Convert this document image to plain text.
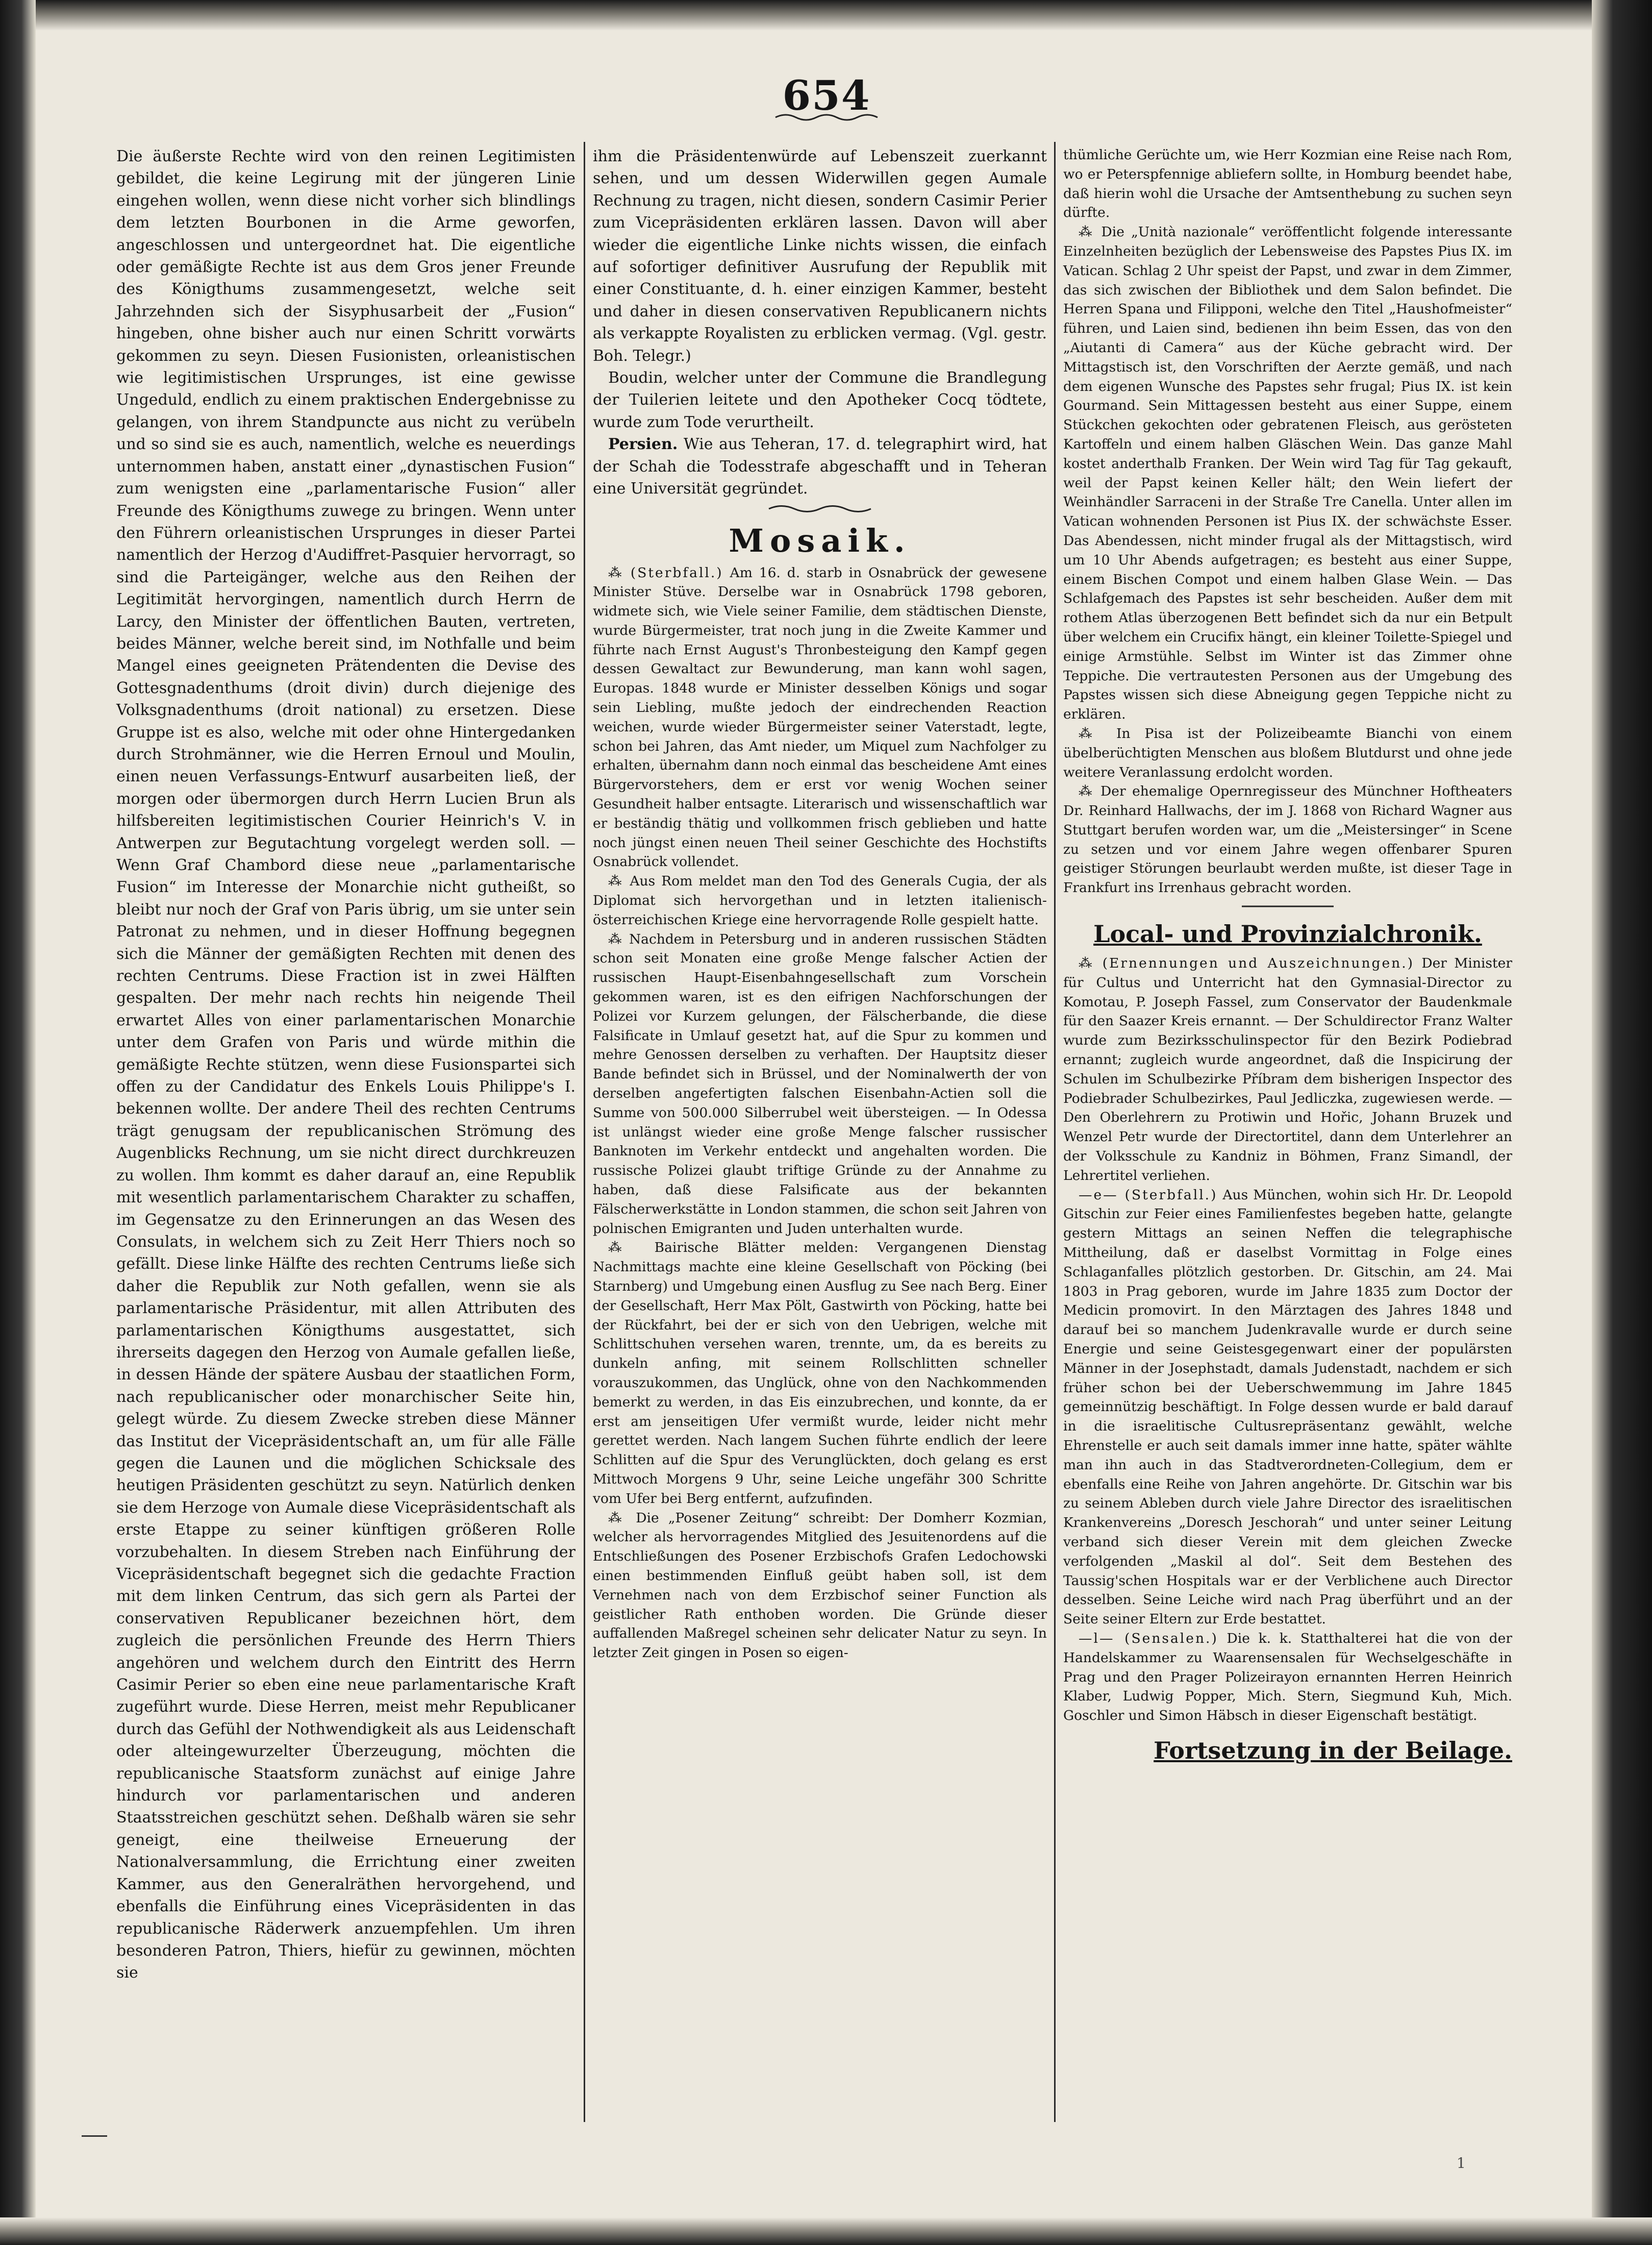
654

Die äußerste Rechte wird von den reinen Legitimisten gebildet, die keine Legirung mit der jüngeren Linie eingehen wollen, wenn diese nicht vorher sich blindlings dem letzten Bourbonen in die Arme geworfen, angeschlossen und untergeordnet hat. Die eigentliche oder gemäßigte Rechte ist aus dem Gros jener Freunde des Königthums zusammengesetzt, welche seit Jahrzehnden sich der Sisyphusarbeit der „Fusion“ hingeben, ohne bisher auch nur einen Schritt vorwärts gekommen zu seyn. Diesen Fusionisten, orleanistischen wie legitimistischen Ursprunges, ist eine gewisse Ungeduld, endlich zu einem praktischen Endergebnisse zu gelangen, von ihrem Standpuncte aus nicht zu verübeln und so sind sie es auch, namentlich, welche es neuerdings unternommen haben, anstatt einer „dynastischen Fusion“ zum wenigsten eine „parlamentarische Fusion“ aller Freunde des Königthums zuwege zu bringen. Wenn unter den Führern orleanistischen Ursprunges in dieser Partei namentlich der Herzog d'Audiffret-Pasquier hervorragt, so sind die Parteigänger, welche aus den Reihen der Legitimität hervorgingen, namentlich durch Herrn de Larcy, den Minister der öffentlichen Bauten, vertreten, beides Männer, welche bereit sind, im Nothfalle und beim Mangel eines geeigneten Prätendenten die Devise des Gottesgnadenthums (droit divin) durch diejenige des Volksgnadenthums (droit national) zu ersetzen. Diese Gruppe ist es also, welche mit oder ohne Hintergedanken durch Strohmänner, wie die Herren Ernoul und Moulin, einen neuen Verfassungs-Entwurf ausarbeiten ließ, der morgen oder übermorgen durch Herrn Lucien Brun als hilfsbereiten legitimistischen Courier Heinrich's V. in Antwerpen zur Begutachtung vorgelegt werden soll. — Wenn Graf Chambord diese neue „parlamentarische Fusion“ im Interesse der Monarchie nicht gutheißt, so bleibt nur noch der Graf von Paris übrig, um sie unter sein Patronat zu nehmen, und in dieser Hoffnung begegnen sich die Männer der gemäßigten Rechten mit denen des rechten Centrums. Diese Fraction ist in zwei Hälften gespalten. Der mehr nach rechts hin neigende Theil erwartet Alles von einer parlamentarischen Monarchie unter dem Grafen von Paris und würde mithin die gemäßigte Rechte stützen, wenn diese Fusionspartei sich offen zu der Candidatur des Enkels Louis Philippe's I. bekennen wollte. Der andere Theil des rechten Centrums trägt genugsam der republicanischen Strömung des Augenblicks Rechnung, um sie nicht direct durchkreuzen zu wollen. Ihm kommt es daher darauf an, eine Republik mit wesentlich parlamentarischem Charakter zu schaffen, im Gegensatze zu den Erinnerungen an das Wesen des Consulats, in welchem sich zu Zeit Herr Thiers noch so gefällt. Diese linke Hälfte des rechten Centrums ließe sich daher die Republik zur Noth gefallen, wenn sie als parlamentarische Präsidentur, mit allen Attributen des parlamentarischen Königthums ausgestattet, sich ihrerseits dagegen den Herzog von Aumale gefallen ließe, in dessen Hände der spätere Ausbau der staatlichen Form, nach republicanischer oder monarchischer Seite hin, gelegt würde. Zu diesem Zwecke streben diese Männer das Institut der Vicepräsidentschaft an, um für alle Fälle gegen die Launen und die möglichen Schicksale des heutigen Präsidenten geschützt zu seyn. Natürlich denken sie dem Herzoge von Aumale diese Vicepräsidentschaft als erste Etappe zu seiner künftigen größeren Rolle vorzubehalten. In diesem Streben nach Einführung der Vicepräsidentschaft begegnet sich die gedachte Fraction mit dem linken Centrum, das sich gern als Partei der conservativen Republicaner bezeichnen hört, dem zugleich die persönlichen Freunde des Herrn Thiers angehören und welchem durch den Eintritt des Herrn Casimir Perier so eben eine neue parlamentarische Kraft zugeführt wurde. Diese Herren, meist mehr Republicaner durch das Gefühl der Nothwendigkeit als aus Leidenschaft oder alteingewurzelter Überzeugung, möchten die republicanische Staatsform zunächst auf einige Jahre hindurch vor parlamentarischen und anderen Staatsstreichen geschützt sehen. Deßhalb wären sie sehr geneigt, eine theilweise Erneuerung der Nationalversammlung, die Errichtung einer zweiten Kammer, aus den Generalräthen hervorgehend, und ebenfalls die Einführung eines Vicepräsidenten in das republicanische Räderwerk anzuempfehlen. Um ihren besonderen Patron, Thiers, hiefür zu gewinnen, möchten sie

ihm die Präsidentenwürde auf Lebenszeit zuerkannt sehen, und um dessen Widerwillen gegen Aumale Rechnung zu tragen, nicht diesen, sondern Casimir Perier zum Vicepräsidenten erklären lassen. Davon will aber wieder die eigentliche Linke nichts wissen, die einfach auf sofortiger definitiver Ausrufung der Republik mit einer Constituante, d. h. einer einzigen Kammer, besteht und daher in diesen conservativen Republicanern nichts als verkappte Royalisten zu erblicken vermag. (Vgl. gestr. Boh. Telegr.)

Boudin, welcher unter der Commune die Brandlegung der Tuilerien leitete und den Apotheker Cocq tödtete, wurde zum Tode verurtheilt.

Persien. Wie aus Teheran, 17. d. telegraphirt wird, hat der Schah die Todesstrafe abgeschafft und in Teheran eine Universität gegründet.

Mosaik.

⁂ (Sterbfall.) Am 16. d. starb in Osnabrück der gewesene Minister Stüve. Derselbe war in Osnabrück 1798 geboren, widmete sich, wie Viele seiner Familie, dem städtischen Dienste, wurde Bürgermeister, trat noch jung in die Zweite Kammer und führte nach Ernst August's Thronbesteigung den Kampf gegen dessen Gewaltact zur Bewunderung, man kann wohl sagen, Europas. 1848 wurde er Minister desselben Königs und sogar sein Liebling, mußte jedoch der eindrechenden Reaction weichen, wurde wieder Bürgermeister seiner Vaterstadt, legte, schon bei Jahren, das Amt nieder, um Miquel zum Nachfolger zu erhalten, übernahm dann noch einmal das bescheidene Amt eines Bürgervorstehers, dem er erst vor wenig Wochen seiner Gesundheit halber entsagte. Literarisch und wissenschaftlich war er beständig thätig und vollkommen frisch geblieben und hatte noch jüngst einen neuen Theil seiner Geschichte des Hochstifts Osnabrück vollendet.

⁂ Aus Rom meldet man den Tod des Generals Cugia, der als Diplomat sich hervorgethan und in letzten italienisch-österreichischen Kriege eine hervorragende Rolle gespielt hatte.

⁂ Nachdem in Petersburg und in anderen russischen Städten schon seit Monaten eine große Menge falscher Actien der russischen Haupt-Eisenbahngesellschaft zum Vorschein gekommen waren, ist es den eifrigen Nachforschungen der Polizei vor Kurzem gelungen, der Fälscherbande, die diese Falsificate in Umlauf gesetzt hat, auf die Spur zu kommen und mehre Genossen derselben zu verhaften. Der Hauptsitz dieser Bande befindet sich in Brüssel, und der Nominalwerth der von derselben angefertigten falschen Eisenbahn-Actien soll die Summe von 500.000 Silberrubel weit übersteigen. — In Odessa ist unlängst wieder eine große Menge falscher russischer Banknoten im Verkehr entdeckt und angehalten worden. Die russische Polizei glaubt triftige Gründe zu der Annahme zu haben, daß diese Falsificate aus der bekannten Fälscherwerkstätte in London stammen, die schon seit Jahren von polnischen Emigranten und Juden unterhalten wurde.

⁂ Bairische Blätter melden: Vergangenen Dienstag Nachmittags machte eine kleine Gesellschaft von Pöcking (bei Starnberg) und Umgebung einen Ausflug zu See nach Berg. Einer der Gesellschaft, Herr Max Pölt, Gastwirth von Pöcking, hatte bei der Rückfahrt, bei der er sich von den Uebrigen, welche mit Schlittschuhen versehen waren, trennte, um, da es bereits zu dunkeln anfing, mit seinem Rollschlitten schneller vorauszukommen, das Unglück, ohne von den Nachkommenden bemerkt zu werden, in das Eis einzubrechen, und konnte, da er erst am jenseitigen Ufer vermißt wurde, leider nicht mehr gerettet werden. Nach langem Suchen führte endlich der leere Schlitten auf die Spur des Verunglückten, doch gelang es erst Mittwoch Morgens 9 Uhr, seine Leiche ungefähr 300 Schritte vom Ufer bei Berg entfernt, aufzufinden.

⁂ Die „Posener Zeitung“ schreibt: Der Domherr Kozmian, welcher als hervorragendes Mitglied des Jesuitenordens auf die Entschließungen des Posener Erzbischofs Grafen Ledochowski einen bestimmenden Einfluß geübt haben soll, ist dem Vernehmen nach von dem Erzbischof seiner Function als geistlicher Rath enthoben worden. Die Gründe dieser auffallenden Maßregel scheinen sehr delicater Natur zu seyn. In letzter Zeit gingen in Posen so eigen-

thümliche Gerüchte um, wie Herr Kozmian eine Reise nach Rom, wo er Peterspfennige abliefern sollte, in Homburg beendet habe, daß hierin wohl die Ursache der Amtsenthebung zu suchen seyn dürfte.

⁂ Die „Unità nazionale“ veröffentlicht folgende interessante Einzelnheiten bezüglich der Lebensweise des Papstes Pius IX. im Vatican. Schlag 2 Uhr speist der Papst, und zwar in dem Zimmer, das sich zwischen der Bibliothek und dem Salon befindet. Die Herren Spana und Filipponi, welche den Titel „Haushofmeister“ führen, und Laien sind, bedienen ihn beim Essen, das von den „Aiutanti di Camera“ aus der Küche gebracht wird. Der Mittagstisch ist, den Vorschriften der Aerzte gemäß, und nach dem eigenen Wunsche des Papstes sehr frugal; Pius IX. ist kein Gourmand. Sein Mittagessen besteht aus einer Suppe, einem Stückchen gekochten oder gebratenen Fleisch, aus gerösteten Kartoffeln und einem halben Gläschen Wein. Das ganze Mahl kostet anderthalb Franken. Der Wein wird Tag für Tag gekauft, weil der Papst keinen Keller hält; den Wein liefert der Weinhändler Sarraceni in der Straße Tre Canella. Unter allen im Vatican wohnenden Personen ist Pius IX. der schwächste Esser. Das Abendessen, nicht minder frugal als der Mittagstisch, wird um 10 Uhr Abends aufgetragen; es besteht aus einer Suppe, einem Bischen Compot und einem halben Glase Wein. — Das Schlafgemach des Papstes ist sehr bescheiden. Außer dem mit rothem Atlas überzogenen Bett befindet sich da nur ein Betpult über welchem ein Crucifix hängt, ein kleiner Toilette-Spiegel und einige Armstühle. Selbst im Winter ist das Zimmer ohne Teppiche. Die vertrautesten Personen aus der Umgebung des Papstes wissen sich diese Abneigung gegen Teppiche nicht zu erklären.

⁂ In Pisa ist der Polizeibeamte Bianchi von einem übelberüchtigten Menschen aus bloßem Blutdurst und ohne jede weitere Veranlassung erdolcht worden.

⁂ Der ehemalige Opernregisseur des Münchner Hoftheaters Dr. Reinhard Hallwachs, der im J. 1868 von Richard Wagner aus Stuttgart berufen worden war, um die „Meistersinger“ in Scene zu setzen und vor einem Jahre wegen offenbarer Spuren geistiger Störungen beurlaubt werden mußte, ist dieser Tage in Frankfurt ins Irrenhaus gebracht worden.

Local- und Provinzialchronik.

⁂ (Ernennungen und Auszeichnungen.) Der Minister für Cultus und Unterricht hat den Gymnasial-Director zu Komotau, P. Joseph Fassel, zum Conservator der Baudenkmale für den Saazer Kreis ernannt. — Der Schuldirector Franz Walter wurde zum Bezirksschulinspector für den Bezirk Podiebrad ernannt; zugleich wurde angeordnet, daß die Inspicirung der Schulen im Schulbezirke Příbram dem bisherigen Inspector des Podiebrader Schulbezirkes, Paul Jedliczka, zugewiesen werde. — Den Oberlehrern zu Protiwin und Hořic, Johann Bruzek und Wenzel Petr wurde der Directortitel, dann dem Unterlehrer an der Volksschule zu Kandniz in Böhmen, Franz Simandl, der Lehrertitel verliehen.

—e— (Sterbfall.) Aus München, wohin sich Hr. Dr. Leopold Gitschin zur Feier eines Familienfestes begeben hatte, gelangte gestern Mittags an seinen Neffen die telegraphische Mittheilung, daß er daselbst Vormittag in Folge eines Schlaganfalles plötzlich gestorben. Dr. Gitschin, am 24. Mai 1803 in Prag geboren, wurde im Jahre 1835 zum Doctor der Medicin promovirt. In den Märztagen des Jahres 1848 und darauf bei so manchem Judenkravalle wurde er durch seine Energie und seine Geistesgegenwart einer der populärsten Männer in der Josephstadt, damals Judenstadt, nachdem er sich früher schon bei der Ueberschwemmung im Jahre 1845 gemeinnützig beschäftigt. In Folge dessen wurde er bald darauf in die israelitische Cultusrepräsentanz gewählt, welche Ehrenstelle er auch seit damals immer inne hatte, später wählte man ihn auch in das Stadtverordneten-Collegium, dem er ebenfalls eine Reihe von Jahren angehörte. Dr. Gitschin war bis zu seinem Ableben durch viele Jahre Director des israelitischen Krankenvereins „Doresch Jeschorah“ und unter seiner Leitung verband sich dieser Verein mit dem gleichen Zwecke verfolgenden „Maskil al dol“. Seit dem Bestehen des Taussig'schen Hospitals war er der Verblichene auch Director desselben. Seine Leiche wird nach Prag überführt und an der Seite seiner Eltern zur Erde bestattet.

—l— (Sensalen.) Die k. k. Statthalterei hat die von der Handelskammer zu Waarensensalen für Wechselgeschäfte in Prag und den Prager Polizeirayon ernannten Herren Heinrich Klaber, Ludwig Popper, Mich. Stern, Siegmund Kuh, Mich. Goschler und Simon Häbsch in dieser Eigenschaft bestätigt.

Fortsetzung in der Beilage.
1
